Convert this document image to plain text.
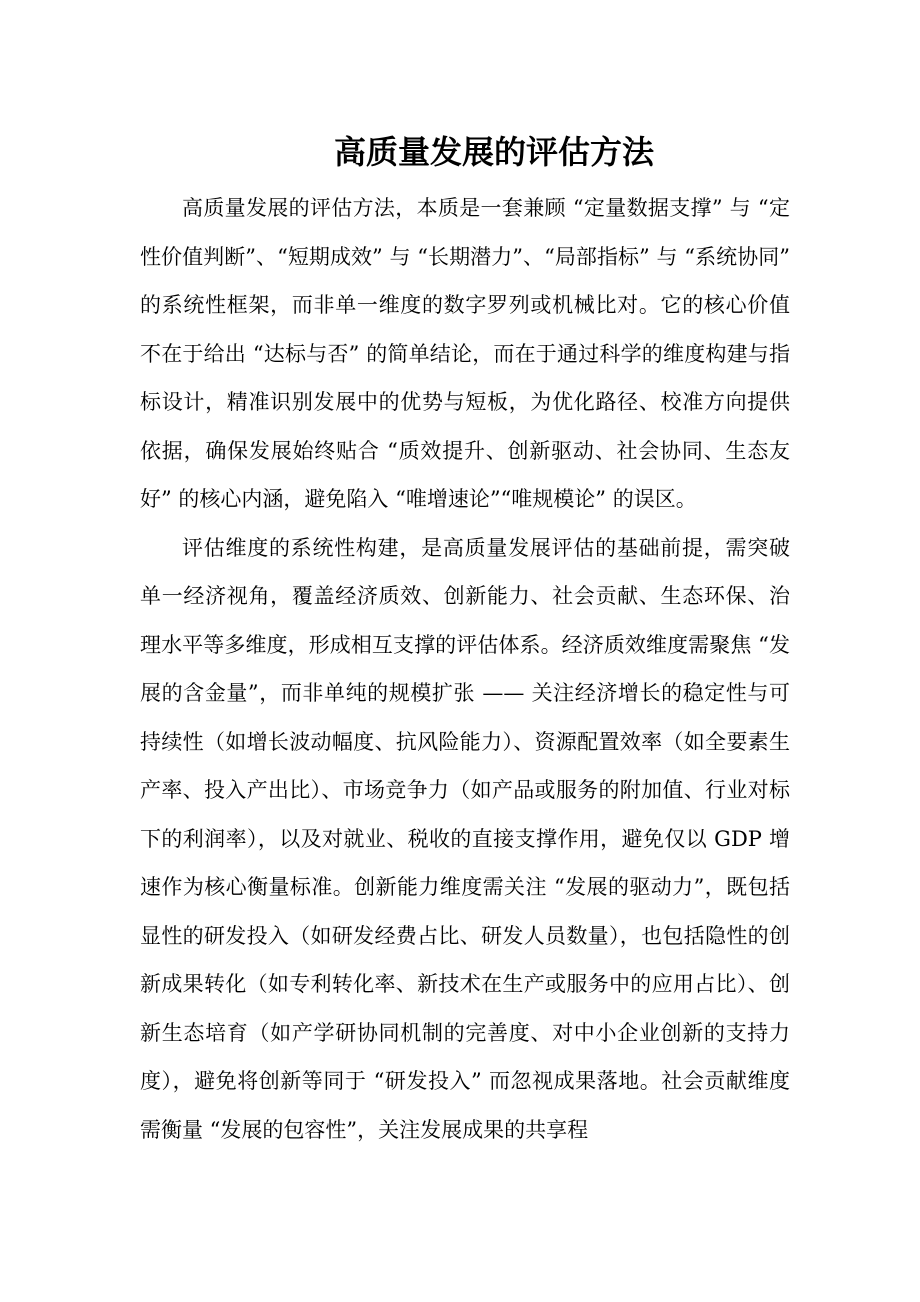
高质量发展的评估方法

高质量发展的评估方法，本质是一套兼顾 “定量数据支撑” 与 “定性价值判断”、“短期成效” 与 “长期潜力”、“局部指标” 与 “系统协同” 的系统性框架，而非单一维度的数字罗列或机械比对。它的核心价值不在于给出 “达标与否” 的简单结论，而在于通过科学的维度构建与指标设计，精准识别发展中的优势与短板，为优化路径、校准方向提供依据，确保发展始终贴合 “质效提升、创新驱动、社会协同、生态友好” 的核心内涵，避免陷入 “唯增速论”“唯规模论” 的误区。

评估维度的系统性构建，是高质量发展评估的基础前提，需突破单一经济视角，覆盖经济质效、创新能力、社会贡献、生态环保、治理水平等多维度，形成相互支撑的评估体系。经济质效维度需聚焦 “发展的含金量”，而非单纯的规模扩张 —— 关注经济增长的稳定性与可持续性（如增长波动幅度、抗风险能力）、资源配置效率（如全要素生产率、投入产出比）、市场竞争力（如产品或服务的附加值、行业对标下的利润率），以及对就业、税收的直接支撑作用，避免仅以 GDP 增速作为核心衡量标准。创新能力维度需关注 “发展的驱动力”，既包括显性的研发投入（如研发经费占比、研发人员数量），也包括隐性的创新成果转化（如专利转化率、新技术在生产或服务中的应用占比）、创新生态培育（如产学研协同机制的完善度、对中小企业创新的支持力度），避免将创新等同于 “研发投入” 而忽视成果落地。社会贡献维度需衡量 “发展的包容性”，关注发展成果的共享程
